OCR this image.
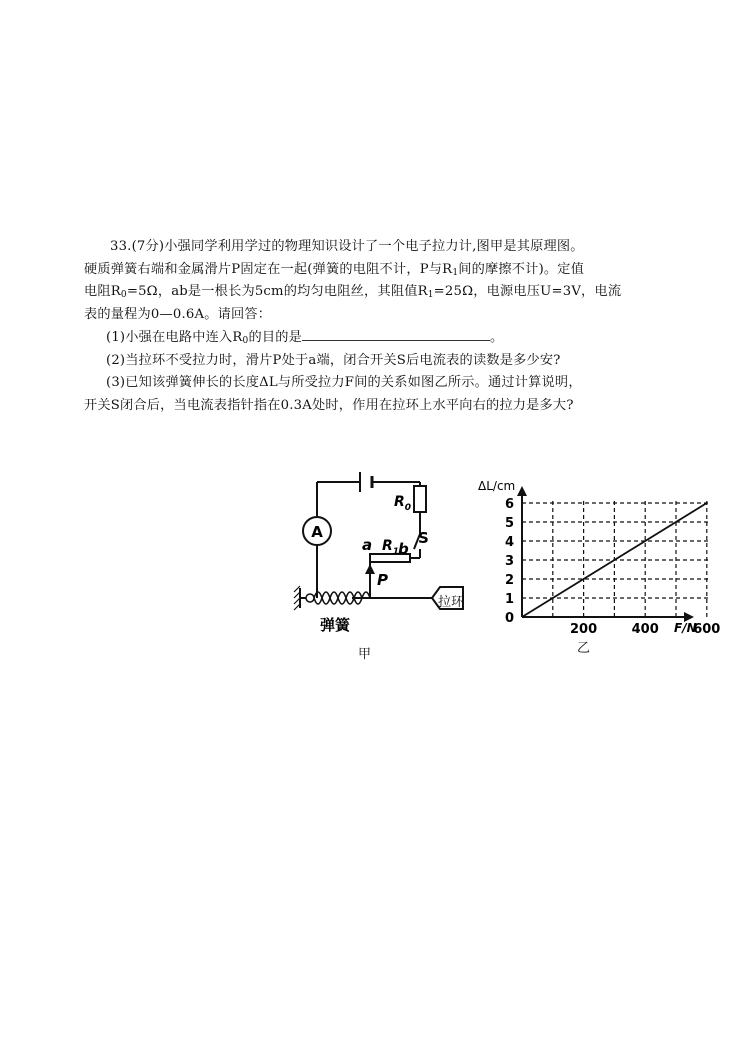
33.(7分)小强同学利用学过的物理知识设计了一个电子拉力计,图甲是其原理图。

硬质弹簧右端和金属滑片P固定在一起(弹簧的电阻不计，P与$R_1$间的摩擦不计)。定值

电阻$R_0=5\Omega$，ab是一根长为5cm的均匀电阻丝，其阻值$R_1=25\Omega$，电源电压U=3V，电流

表的量程为0—0.6A。请回答：

(1)小强在电路中连入$R_0$的目的是	。

(2)当拉环不受拉力时，滑片P处于a端，闭合开关S后电流表的读数是多少安?

(3)已知该弹簧伸长的长度ΔL与所受拉力F间的关系如图乙所示。通过计算说明，

开关S闭合后，当电流表指针指在0.3A处时，作用在拉环上水平向右的拉力是多大?

A
$R_0$
S
$R_1$
a b
P
弹簧
拉环
甲
ΔL/cm
F/N
0
1
2
3
4
5
6
200	400	600
乙
